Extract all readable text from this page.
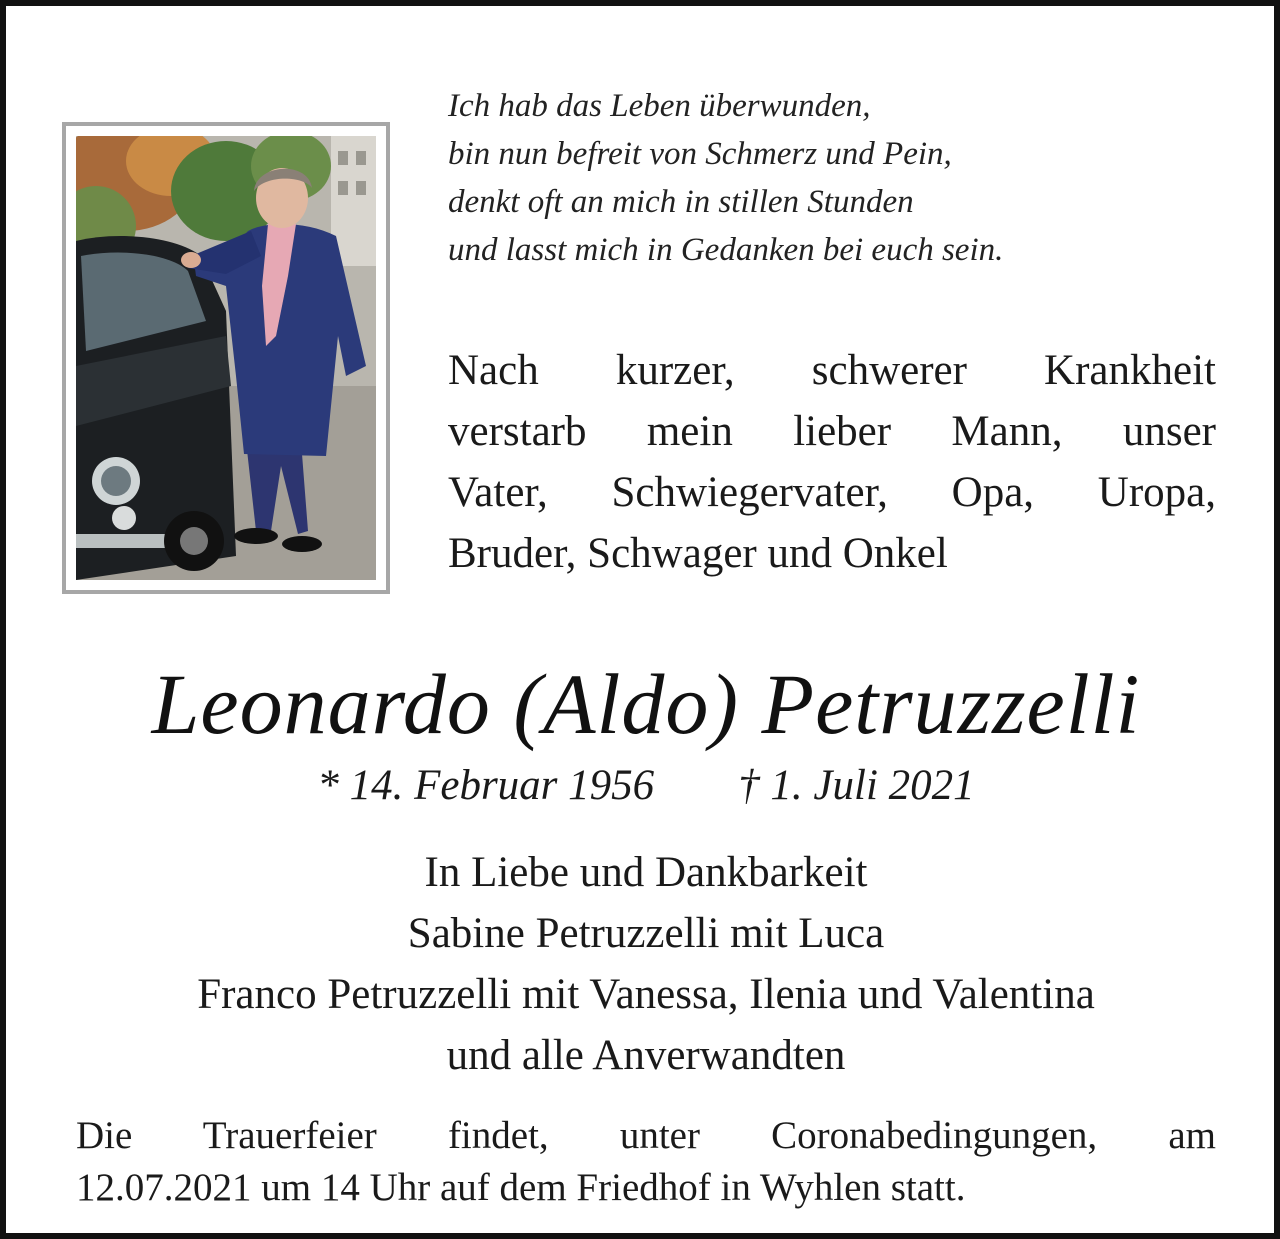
Ich hab das Leben überwunden,
bin nun befreit von Schmerz und Pein,
denkt oft an mich in stillen Stunden
und lasst mich in Gedanken bei euch sein.
Nach kurzer, schwerer Krankheit
verstarb mein lieber Mann, unser
Vater, Schwiegervater, Opa, Uropa,
Bruder, Schwager und Onkel
Leonardo (Aldo) Petruzzelli
* 14. Februar 1956 † 1. Juli 2021
In Liebe und Dankbarkeit
Sabine Petruzzelli mit Luca
Franco Petruzzelli mit Vanessa, Ilenia und Valentina
und alle Anverwandten
Die Trauerfeier findet, unter Coronabedingungen, am
12.07.2021 um 14 Uhr auf dem Friedhof in Wyhlen statt.
